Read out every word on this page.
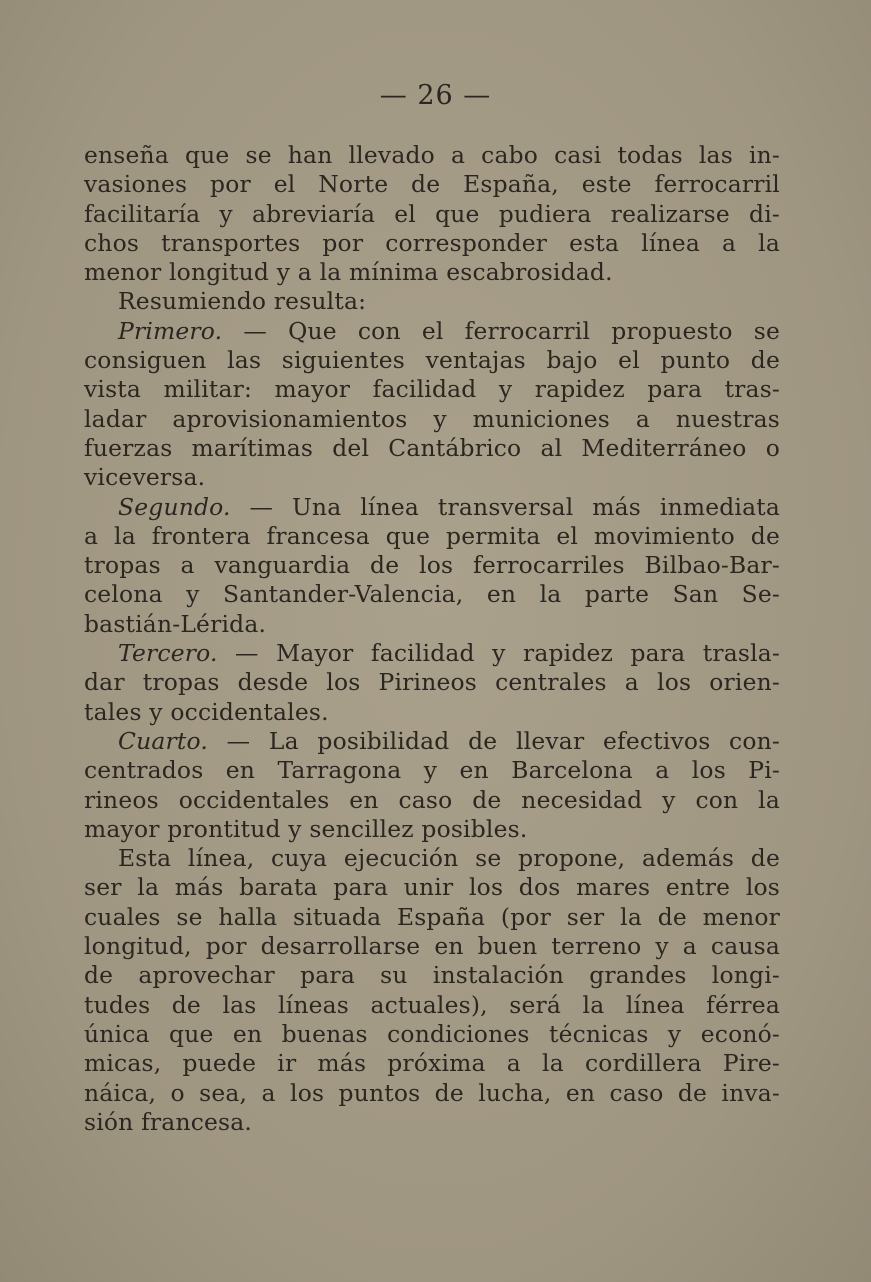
— 26 —
enseña que se han llevado a cabo casi todas las in-
vasiones por el Norte de España, este ferrocarril
facilitaría y abreviaría el que pudiera realizarse di-
chos transportes por corresponder esta línea a la
menor longitud y a la mínima escabrosidad.
Resumiendo resulta:
Primero. — Que con el ferrocarril propuesto se
consiguen las siguientes ventajas bajo el punto de
vista militar: mayor facilidad y rapidez para tras-
ladar aprovisionamientos y municiones a nuestras
fuerzas marítimas del Cantábrico al Mediterráneo o
viceversa.
Segundo. — Una línea transversal más inmediata
a la frontera francesa que permita el movimiento de
tropas a vanguardia de los ferrocarriles Bilbao-Bar-
celona y Santander-Valencia, en la parte San Se-
bastián-Lérida.
Tercero. — Mayor facilidad y rapidez para trasla-
dar tropas desde los Pirineos centrales a los orien-
tales y occidentales.
Cuarto. — La posibilidad de llevar efectivos con-
centrados en Tarragona y en Barcelona a los Pi-
rineos occidentales en caso de necesidad y con la
mayor prontitud y sencillez posibles.
Esta línea, cuya ejecución se propone, además de
ser la más barata para unir los dos mares entre los
cuales se halla situada España (por ser la de menor
longitud, por desarrollarse en buen terreno y a causa
de aprovechar para su instalación grandes longi-
tudes de las líneas actuales), será la línea férrea
única que en buenas condiciones técnicas y econó-
micas, puede ir más próxima a la cordillera Pire-
náica, o sea, a los puntos de lucha, en caso de inva-
sión francesa.
